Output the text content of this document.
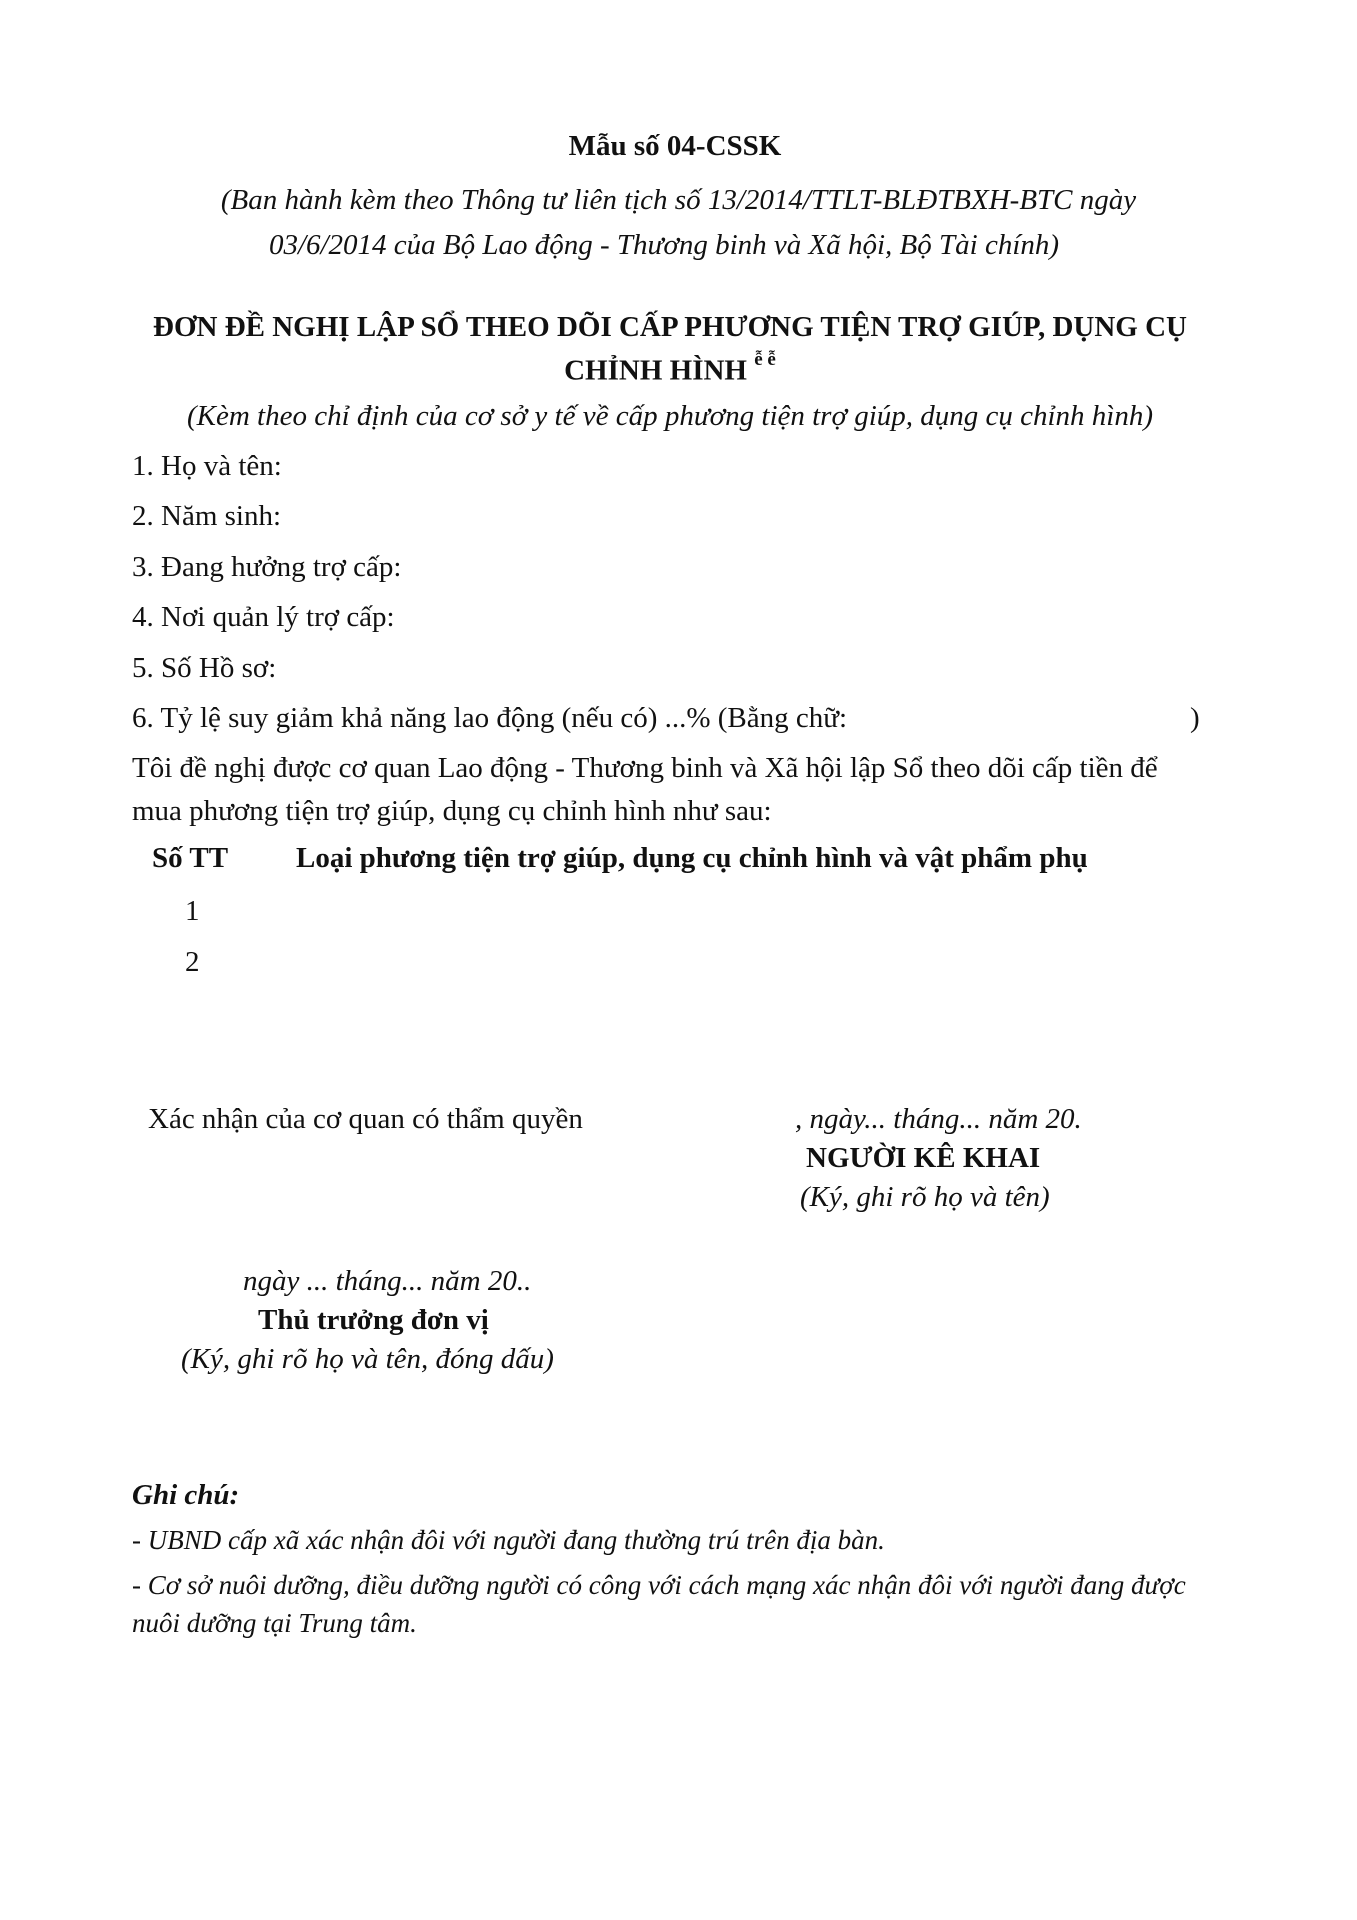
Mẫu số 04-CSSK
(Ban hành kèm theo Thông tư liên tịch số 13/2014/TTLT-BLĐTBXH-BTC ngày
03/6/2014 của Bộ Lao động - Thương binh và Xã hội, Bộ Tài chính)
ĐƠN ĐỀ NGHỊ LẬP SỔ THEO DÕI CẤP PHƯƠNG TIỆN TRỢ GIÚP, DỤNG CỤ
CHỈNH HÌNH $^{ễ ễ}$
(Kèm theo chỉ định của cơ sở y tế về cấp phương tiện trợ giúp, dụng cụ chỉnh hình)
1. Họ và tên:
2. Năm sinh:
3. Đang hưởng trợ cấp:
4. Nơi quản lý trợ cấp:
5. Số Hồ sơ:
6. Tỷ lệ suy giảm khả năng lao động (nếu có) ...% (Bằng chữ:	)
Tôi đề nghị được cơ quan Lao động - Thương binh và Xã hội lập Sổ theo dõi cấp tiền để
mua phương tiện trợ giúp, dụng cụ chỉnh hình như sau:
Số TT Loại phương tiện trợ giúp, dụng cụ chỉnh hình và vật phẩm phụ
1
2
Xác nhận của cơ quan có thẩm quyền	, ngày... tháng... năm 20.
NGƯỜI KÊ KHAI
(Ký, ghi rõ họ và tên)
ngày ... tháng... năm 20..
Thủ trưởng đơn vị
(Ký, ghi rõ họ và tên, đóng dấu)
Ghi chú:
- UBND cấp xã xác nhận đôi với người đang thường trú trên địa bàn.
- Cơ sở nuôi dưỡng, điều dưỡng người có công với cách mạng xác nhận đôi với người đang được
nuôi dưỡng tại Trung tâm.
